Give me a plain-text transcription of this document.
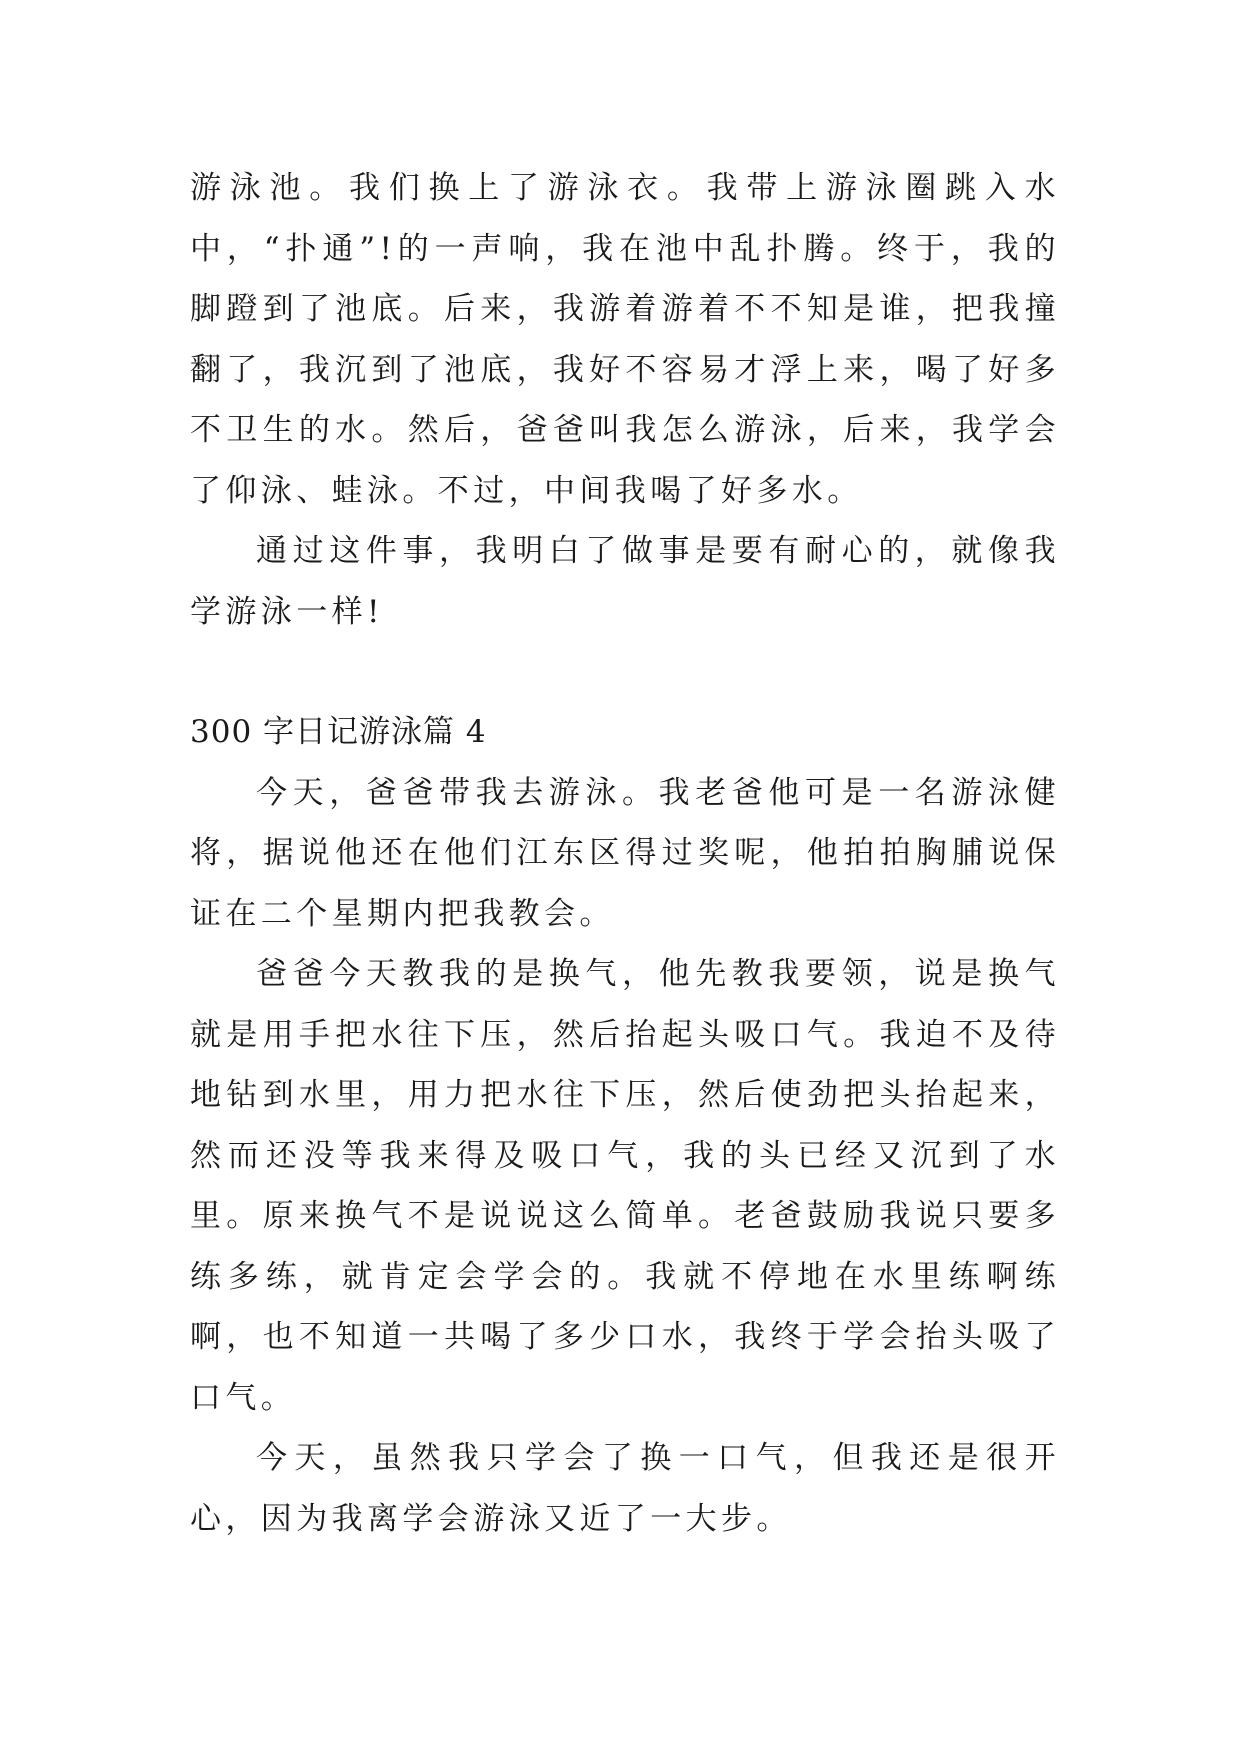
游泳池。我们换上了游泳衣。我带上游泳圈跳入水中，“扑通”!的一声响，我在池中乱扑腾。终于，我的脚蹬到了池底。后来，我游着游着不不知是谁，把我撞翻了，我沉到了池底，我好不容易才浮上来，喝了好多不卫生的水。然后，爸爸叫我怎么游泳，后来，我学会了仰泳、蛙泳。不过，中间我喝了好多水。

通过这件事，我明白了做事是要有耐心的，就像我学游泳一样!

300 字日记游泳篇 4

今天，爸爸带我去游泳。我老爸他可是一名游泳健将，据说他还在他们江东区得过奖呢，他拍拍胸脯说保证在二个星期内把我教会。

爸爸今天教我的是换气，他先教我要领，说是换气就是用手把水往下压，然后抬起头吸口气。我迫不及待地钻到水里，用力把水往下压，然后使劲把头抬起来，然而还没等我来得及吸口气，我的头已经又沉到了水里。原来换气不是说说这么简单。老爸鼓励我说只要多练多练，就肯定会学会的。我就不停地在水里练啊练啊，也不知道一共喝了多少口水，我终于学会抬头吸了口气。

今天，虽然我只学会了换一口气，但我还是很开心，因为我离学会游泳又近了一大步。
